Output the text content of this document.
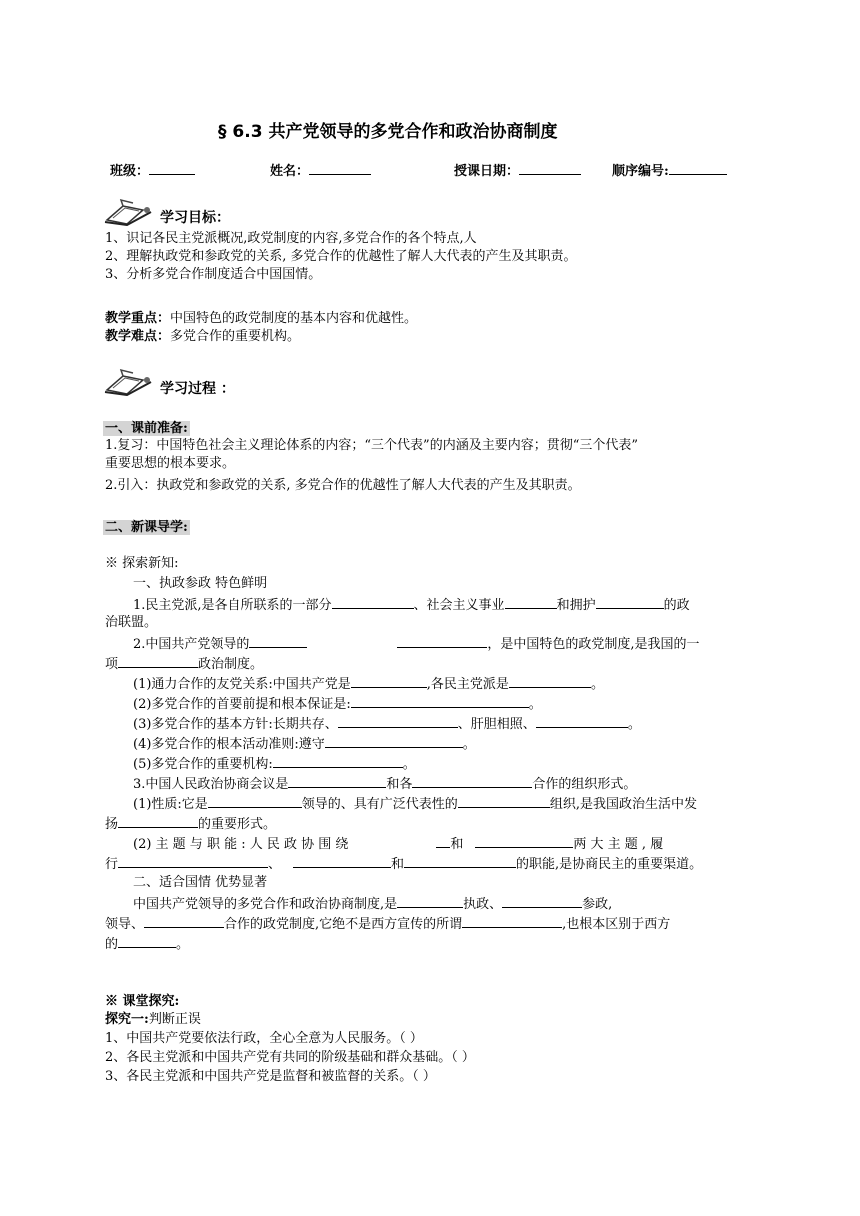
§ 6.3 共产党领导的多党合作和政治协商制度
班级：	姓名：	授课日期：	顺序编号:
学习目标：
1、识记各民主党派概况,政党制度的内容,多党合作的各个特点,人
2、理解执政党和参政党的关系, 多党合作的优越性了解人大代表的产生及其职责。
3、分析多党合作制度适合中国国情。
教学重点：中国特色的政党制度的基本内容和优越性。
教学难点：多党合作的重要机构。
学习过程 ：
一、课前准备:
1.复习：中国特色社会主义理论体系的内容；“三个代表”的内涵及主要内容；贯彻“三个代表”
重要思想的根本要求。
2.引入：执政党和参政党的关系, 多党合作的优越性了解人大代表的产生及其职责。
二、新课导学:
※ 探索新知:
一、执政参政 特色鲜明
1.民主党派,是各自所联系的一部分	、社会主义事业	和拥护	的政
治联盟。
2.中国共产党领导的	，是中国特色的政党制度,是我国的一
项	政治制度。
(1)通力合作的友党关系:中国共产党是	,各民主党派是	。
(2)多党合作的首要前提和根本保证是:	。
(3)多党合作的基本方针:长期共存、	、肝胆相照、	。
(4)多党合作的根本活动准则:遵守	。
(5)多党合作的重要机构:	。
3.中国人民政治协商会议是	和各	合作的组织形式。
(1)性质:它是	领导的、具有广泛代表性的	组织,是我国政治生活中发
扬	的重要形式。
(2) 主 题 与 职 能 : 人 民 政 协 围 绕	和	两 大 主 题 , 履
行	、	和	的职能,是协商民主的重要渠道。
二、适合国情 优势显著
中国共产党领导的多党合作和政治协商制度,是	执政、	参政,
领导、	合作的政党制度,它绝不是西方宣传的所谓	,也根本区别于西方
的	。
※ 课堂探究:
探究一:判断正误
1、中国共产党要依法行政，全心全意为人民服务。（ ）
2、各民主党派和中国共产党有共同的阶级基础和群众基础。（ ）
3、各民主党派和中国共产党是监督和被监督的关系。（ ）
